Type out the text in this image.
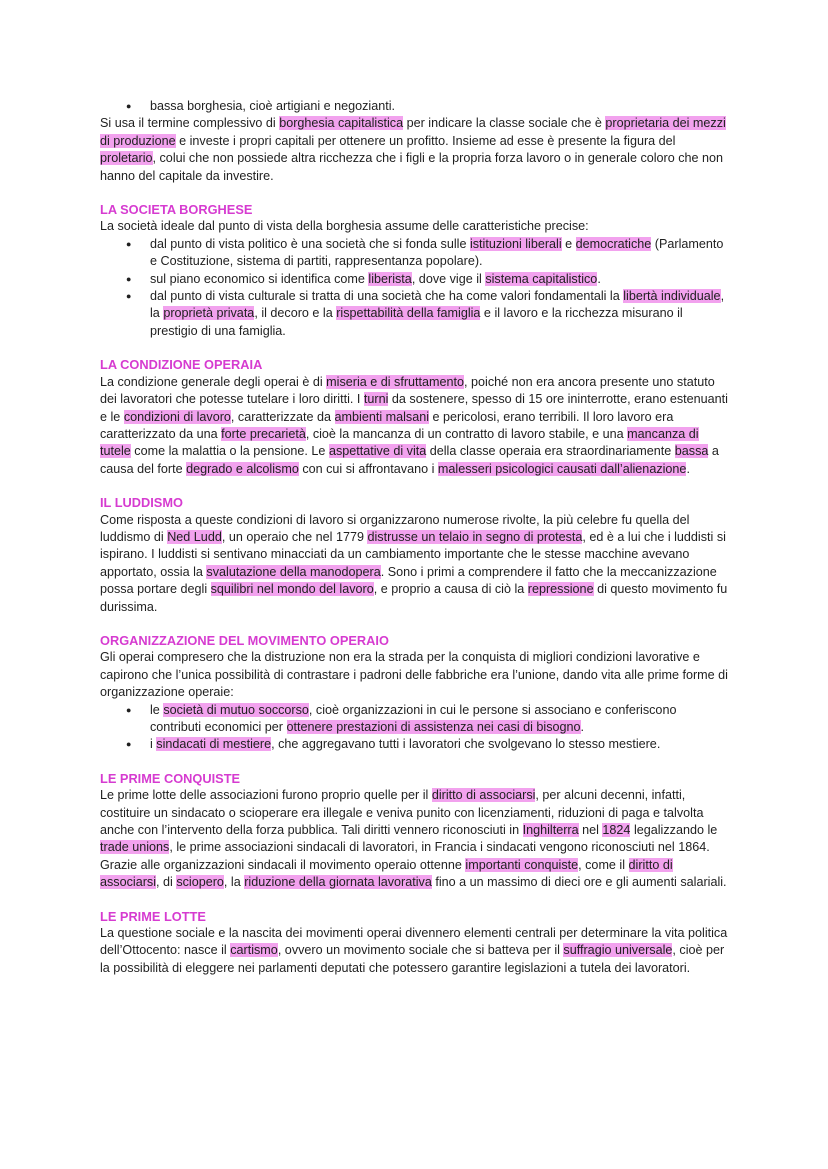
● bassa borghesia, cioè artigiani e negozianti.

Si usa il termine complessivo di borghesia capitalistica per indicare la classe sociale che è proprietaria dei mezzi di produzione e investe i propri capitali per ottenere un profitto. Insieme ad esse è presente la figura del proletario, colui che non possiede altra ricchezza che i figli e la propria forza lavoro o in generale coloro che non hanno del capitale da investire.

LA SOCIETA BORGHESE

La società ideale dal punto di vista della borghesia assume delle caratteristiche precise:

● dal punto di vista politico è una società che si fonda sulle istituzioni liberali e democratiche (Parlamento e Costituzione, sistema di partiti, rappresentanza popolare).
● sul piano economico si identifica come liberista, dove vige il sistema capitalistico.
● dal punto di vista culturale si tratta di una società che ha come valori fondamentali la libertà individuale, la proprietà privata, il decoro e la rispettabilità della famiglia e il lavoro e la ricchezza misurano il prestigio di una famiglia.
LA CONDIZIONE OPERAIA

La condizione generale degli operai è di miseria e di sfruttamento, poiché non era ancora presente uno statuto dei lavoratori che potesse tutelare i loro diritti. I turni da sostenere, spesso di 15 ore ininterrotte, erano estenuanti e le condizioni di lavoro, caratterizzate da ambienti malsani e pericolosi, erano terribili. Il loro lavoro era caratterizzato da una forte precarietà, cioè la mancanza di un contratto di lavoro stabile, e una mancanza di tutele come la malattia o la pensione. Le aspettative di vita della classe operaia era straordinariamente bassa a causa del forte degrado e alcolismo con cui si affrontavano i malesseri psicologici causati dall’alienazione.

IL LUDDISMO

Come risposta a queste condizioni di lavoro si organizzarono numerose rivolte, la più celebre fu quella del luddismo di Ned Ludd, un operaio che nel 1779 distrusse un telaio in segno di protesta, ed è a lui che i luddisti si ispirano. I luddisti si sentivano minacciati da un cambiamento importante che le stesse macchine avevano apportato, ossia la svalutazione della manodopera. Sono i primi a comprendere il fatto che la meccanizzazione possa portare degli squilibri nel mondo del lavoro, e proprio a causa di ciò la repressione di questo movimento fu durissima.

ORGANIZZAZIONE DEL MOVIMENTO OPERAIO

Gli operai compresero che la distruzione non era la strada per la conquista di migliori condizioni lavorative e capirono che l’unica possibilità di contrastare i padroni delle fabbriche era l’unione, dando vita alle prime forme di organizzazione operaie:

● le società di mutuo soccorso, cioè organizzazioni in cui le persone si associano e conferiscono contributi economici per ottenere prestazioni di assistenza nei casi di bisogno.
● i sindacati di mestiere, che aggregavano tutti i lavoratori che svolgevano lo stesso mestiere.
LE PRIME CONQUISTE

Le prime lotte delle associazioni furono proprio quelle per il diritto di associarsi, per alcuni decenni, infatti, costituire un sindacato o scioperare era illegale e veniva punito con licenziamenti, riduzioni di paga e talvolta anche con l’intervento della forza pubblica. Tali diritti vennero riconosciuti in Inghilterra nel 1824 legalizzando le trade unions, le prime associazioni sindacali di lavoratori, in Francia i sindacati vengono riconosciuti nel 1864. Grazie alle organizzazioni sindacali il movimento operaio ottenne importanti conquiste, come il diritto di associarsi, di sciopero, la riduzione della giornata lavorativa fino a un massimo di dieci ore e gli aumenti salariali.

LE PRIME LOTTE

La questione sociale e la nascita dei movimenti operai divennero elementi centrali per determinare la vita politica dell’Ottocento: nasce il cartismo, ovvero un movimento sociale che si batteva per il suffragio universale, cioè per la possibilità di eleggere nei parlamenti deputati che potessero garantire legislazioni a tutela dei lavoratori.
